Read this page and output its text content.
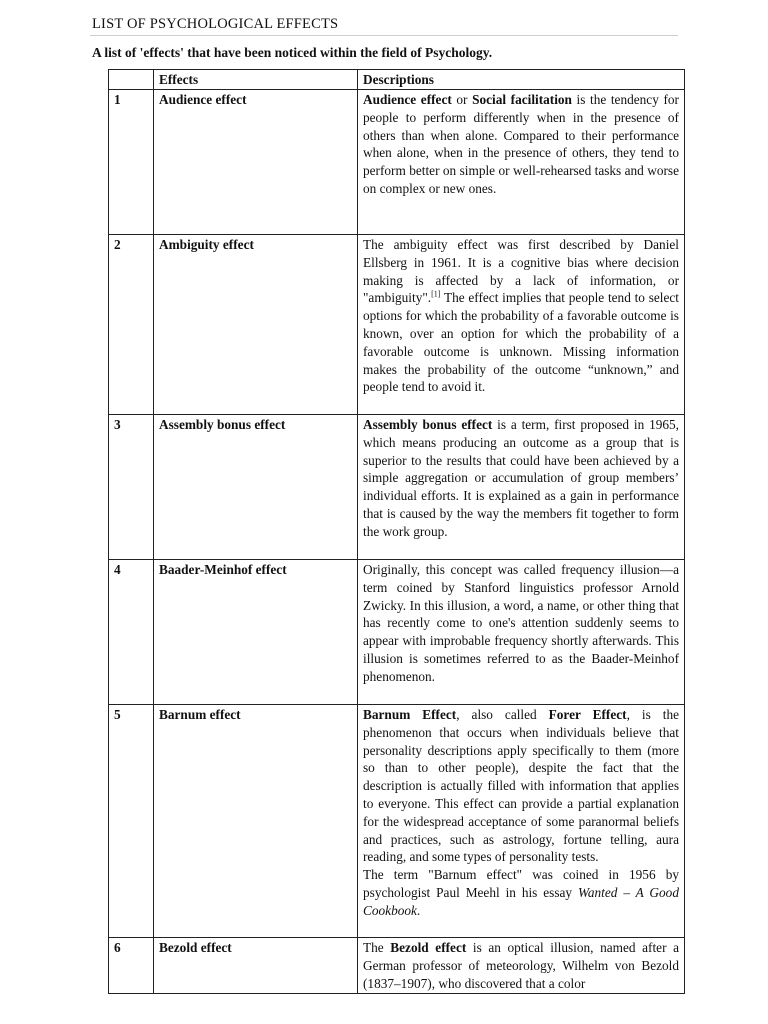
LIST OF PSYCHOLOGICAL EFFECTS
A list of 'effects' that have been noticed within the field of Psychology.
	Effects	Descriptions
1	Audience effect	Audience effect or Social facilitation is the tendency for people to perform differently when in the presence of others than when alone. Compared to their performance when alone, when in the presence of others, they tend to perform better on simple or well-rehearsed tasks and worse on complex or new ones.
2	Ambiguity effect	The ambiguity effect was first described by Daniel Ellsberg in 1961. It is a cognitive bias where decision making is affected by a lack of information, or "ambiguity".[1] The effect implies that people tend to select options for which the probability of a favorable outcome is known, over an option for which the probability of a favorable outcome is unknown. Missing information makes the probability of the outcome “unknown,” and people tend to avoid it.
3	Assembly bonus effect	Assembly bonus effect is a term, first proposed in 1965, which means producing an outcome as a group that is superior to the results that could have been achieved by a simple aggregation or accumulation of group members’ individual efforts. It is explained as a gain in performance that is caused by the way the members fit together to form the work group.
4	Baader-Meinhof effect	Originally, this concept was called frequency illusion—a term coined by Stanford linguistics professor Arnold Zwicky. In this illusion, a word, a name, or other thing that has recently come to one's attention suddenly seems to appear with improbable frequency shortly afterwards. This illusion is sometimes referred to as the Baader-Meinhof phenomenon.
5	Barnum effect	Barnum Effect, also called Forer Effect, is the phenomenon that occurs when individuals believe that personality descriptions apply specifically to them (more so than to other people), despite the fact that the description is actually filled with information that applies to everyone. This effect can provide a partial explanation for the widespread acceptance of some paranormal beliefs and practices, such as astrology, fortune telling, aura reading, and some types of personality tests.
The term "Barnum effect" was coined in 1956 by psychologist Paul Meehl in his essay Wanted – A Good Cookbook.
6	Bezold effect	The Bezold effect is an optical illusion, named after a German professor of meteorology, Wilhelm von Bezold (1837–1907), who discovered that a color
